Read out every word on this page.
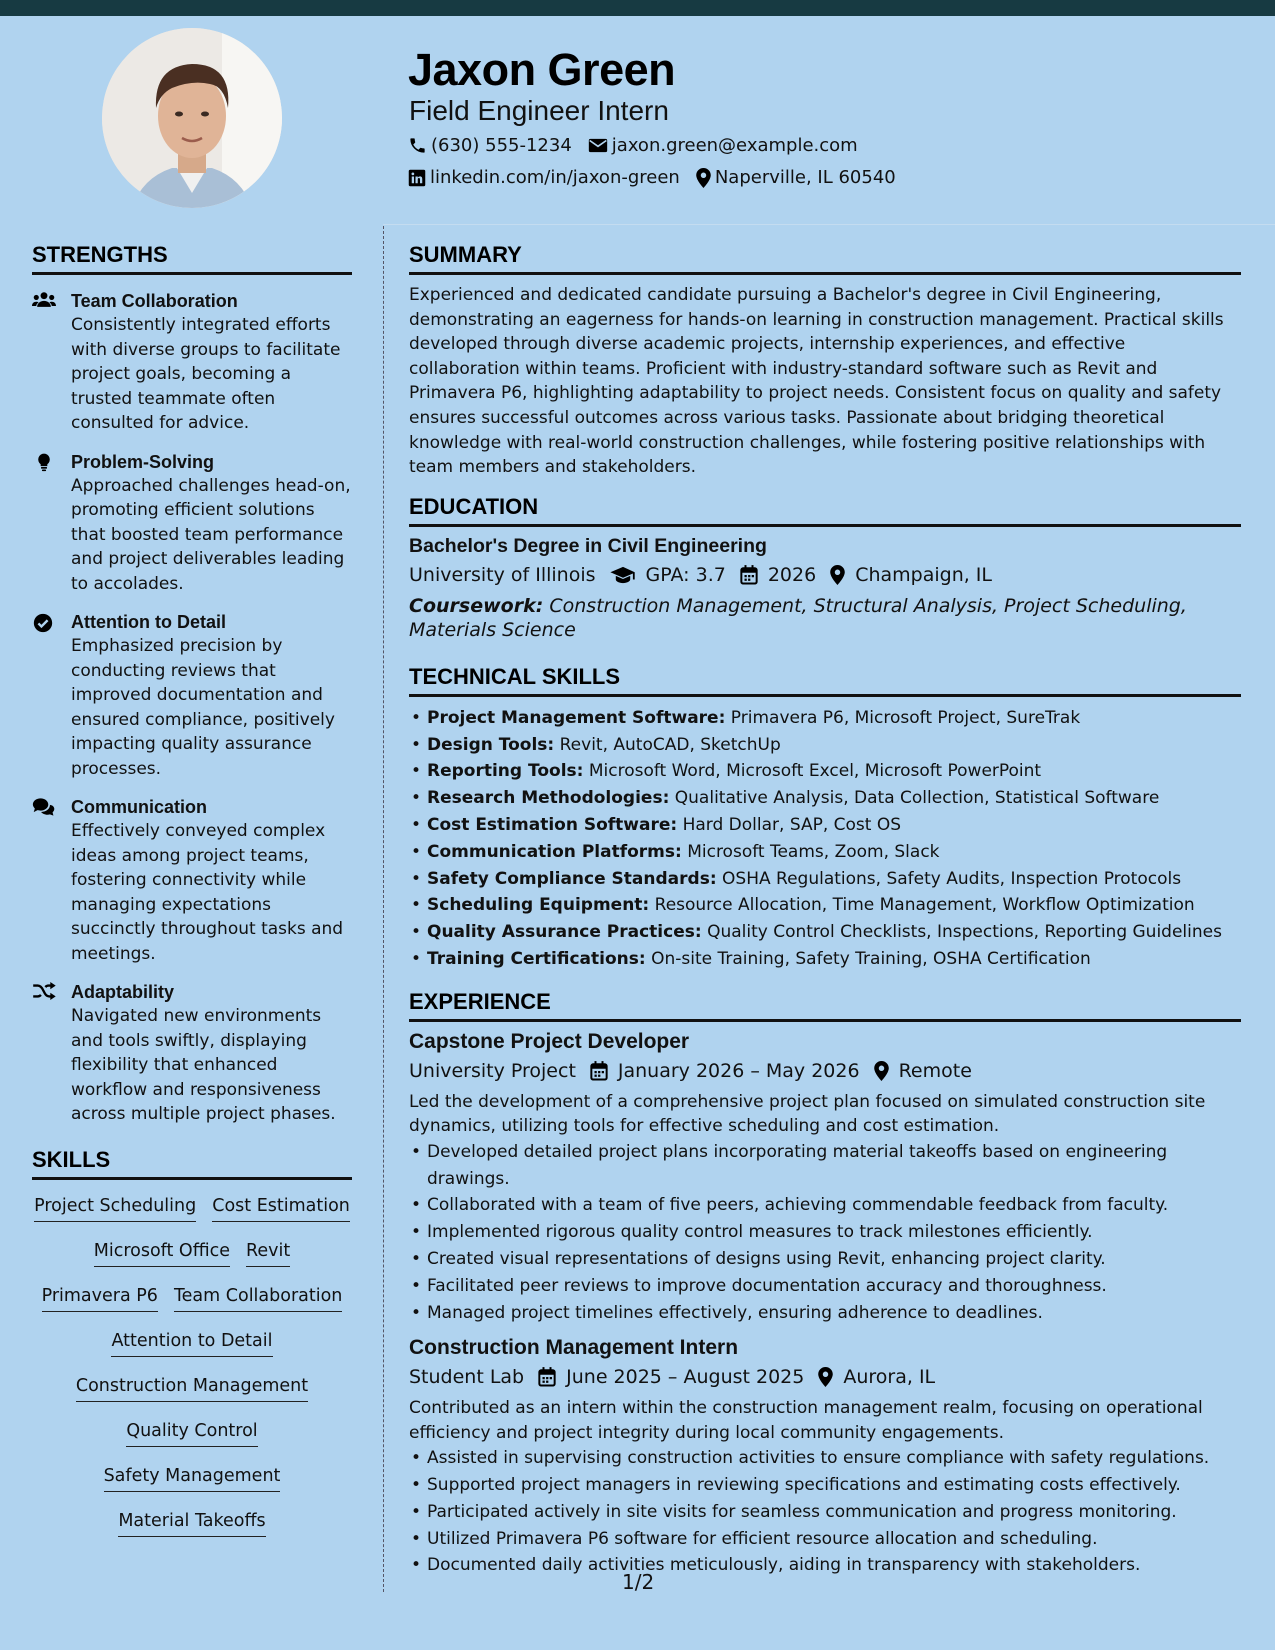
Jaxon Green
Field Engineer Intern
(630) 555-1234 jaxon.green@example.com
linkedin.com/in/jaxon-green Naperville, IL 60540
STRENGTHS
Team Collaboration
Consistently integrated efforts with diverse groups to facilitate project goals, becoming a trusted teammate often consulted for advice.
Problem-Solving
Approached challenges head-on, promoting efficient solutions that boosted team performance and project deliverables leading to accolades.
Attention to Detail
Emphasized precision by conducting reviews that improved documentation and ensured compliance, positively impacting quality assurance processes.
Communication
Effectively conveyed complex ideas among project teams, fostering connectivity while managing expectations succinctly throughout tasks and meetings.
Adaptability
Navigated new environments and tools swiftly, displaying flexibility that enhanced workflow and responsiveness across multiple project phases.
SKILLS
Project Scheduling Cost Estimation
Microsoft Office Revit
Primavera P6 Team Collaboration
Attention to Detail
Construction Management
Quality Control
Safety Management
Material Takeoffs
SUMMARY
Experienced and dedicated candidate pursuing a Bachelor's degree in Civil Engineering, demonstrating an eagerness for hands-on learning in construction management. Practical skills developed through diverse academic projects, internship experiences, and effective collaboration within teams. Proficient with industry-standard software such as Revit and Primavera P6, highlighting adaptability to project needs. Consistent focus on quality and safety ensures successful outcomes across various tasks. Passionate about bridging theoretical knowledge with real-world construction challenges, while fostering positive relationships with team members and stakeholders.
EDUCATION
Bachelor's Degree in Civil Engineering
University of Illinois	GPA: 3.7 2026 Champaign, IL
Coursework: Construction Management, Structural Analysis, Project Scheduling, Materials Science
TECHNICAL SKILLS
• Project Management Software: Primavera P6, Microsoft Project, SureTrak
• Design Tools: Revit, AutoCAD, SketchUp
• Reporting Tools: Microsoft Word, Microsoft Excel, Microsoft PowerPoint
• Research Methodologies: Qualitative Analysis, Data Collection, Statistical Software
• Cost Estimation Software: Hard Dollar, SAP, Cost OS
• Communication Platforms: Microsoft Teams, Zoom, Slack
• Safety Compliance Standards: OSHA Regulations, Safety Audits, Inspection Protocols
• Scheduling Equipment: Resource Allocation, Time Management, Workflow Optimization
• Quality Assurance Practices: Quality Control Checklists, Inspections, Reporting Guidelines
• Training Certifications: On-site Training, Safety Training, OSHA Certification
EXPERIENCE
Capstone Project Developer
University Project January 2026 – May 2026 Remote
Led the development of a comprehensive project plan focused on simulated construction site dynamics, utilizing tools for effective scheduling and cost estimation.
• Developed detailed project plans incorporating material takeoffs based on engineering drawings.
• Collaborated with a team of five peers, achieving commendable feedback from faculty.
• Implemented rigorous quality control measures to track milestones efficiently.
• Created visual representations of designs using Revit, enhancing project clarity.
• Facilitated peer reviews to improve documentation accuracy and thoroughness.
• Managed project timelines effectively, ensuring adherence to deadlines.
Construction Management Intern
Student Lab June 2025 – August 2025 Aurora, IL
Contributed as an intern within the construction management realm, focusing on operational efficiency and project integrity during local community engagements.
• Assisted in supervising construction activities to ensure compliance with safety regulations.
• Supported project managers in reviewing specifications and estimating costs effectively.
• Participated actively in site visits for seamless communication and progress monitoring.
• Utilized Primavera P6 software for efficient resource allocation and scheduling.
• Documented daily activities meticulously, aiding in transparency with stakeholders.
1/2
